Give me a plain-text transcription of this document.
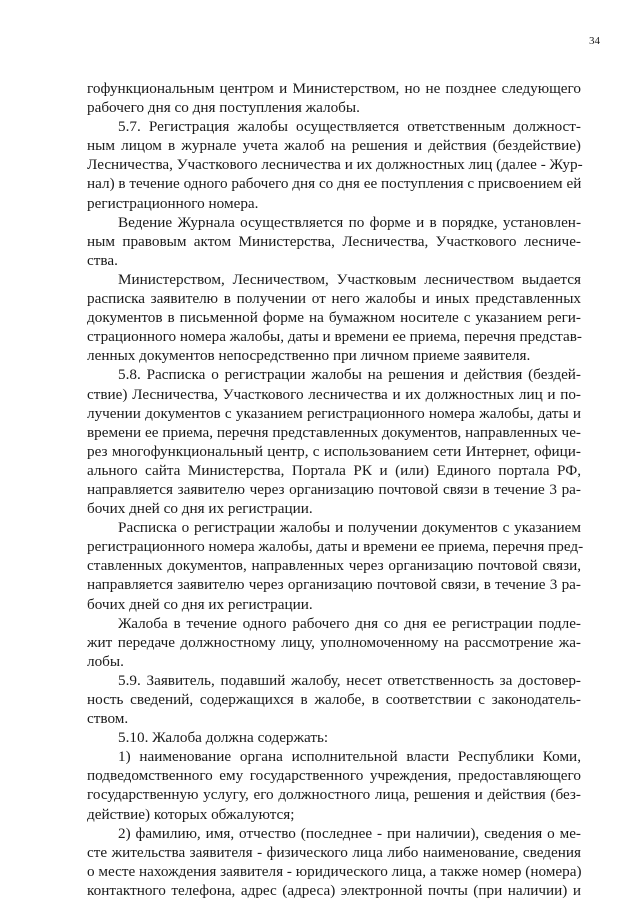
34
гофункциональным центром и Министерством, но не позднее следующего
рабочего дня со дня поступления жалобы.
5.7. Регистрация жалобы осуществляется ответственным должност-
ным лицом в журнале учета жалоб на решения и действия (бездействие)
Лесничества, Участкового лесничества и их должностных лиц (далее - Жур-
нал) в течение одного рабочего дня со дня ее поступления с присвоением ей
регистрационного номера.
Ведение Журнала осуществляется по форме и в порядке, установлен-
ным правовым актом Министерства, Лесничества, Участкового лесниче-
ства.
Министерством, Лесничеством, Участковым лесничеством выдается
расписка заявителю в получении от него жалобы и иных представленных
документов в письменной форме на бумажном носителе с указанием реги-
страционного номера жалобы, даты и времени ее приема, перечня представ-
ленных документов непосредственно при личном приеме заявителя.
5.8. Расписка о регистрации жалобы на решения и действия (бездей-
ствие) Лесничества, Участкового лесничества и их должностных лиц и по-
лучении документов с указанием регистрационного номера жалобы, даты и
времени ее приема, перечня представленных документов, направленных че-
рез многофункциональный центр, с использованием сети Интернет, офици-
ального сайта Министерства, Портала РК и (или) Единого портала РФ,
направляется заявителю через организацию почтовой связи в течение 3 ра-
бочих дней со дня их регистрации.
Расписка о регистрации жалобы и получении документов с указанием
регистрационного номера жалобы, даты и времени ее приема, перечня пред-
ставленных документов, направленных через организацию почтовой связи,
направляется заявителю через организацию почтовой связи, в течение 3 ра-
бочих дней со дня их регистрации.
Жалоба в течение одного рабочего дня со дня ее регистрации подле-
жит передаче должностному лицу, уполномоченному на рассмотрение жа-
лобы.
5.9. Заявитель, подавший жалобу, несет ответственность за достовер-
ность сведений, содержащихся в жалобе, в соответствии с законодатель-
ством.
5.10. Жалоба должна содержать:
1) наименование органа исполнительной власти Республики Коми,
подведомственного ему государственного учреждения, предоставляющего
государственную услугу, его должностного лица, решения и действия (без-
действие) которых обжалуются;
2) фамилию, имя, отчество (последнее - при наличии), сведения о ме-
сте жительства заявителя - физического лица либо наименование, сведения
о месте нахождения заявителя - юридического лица, а также номер (номера)
контактного телефона, адрес (адреса) электронной почты (при наличии) и
